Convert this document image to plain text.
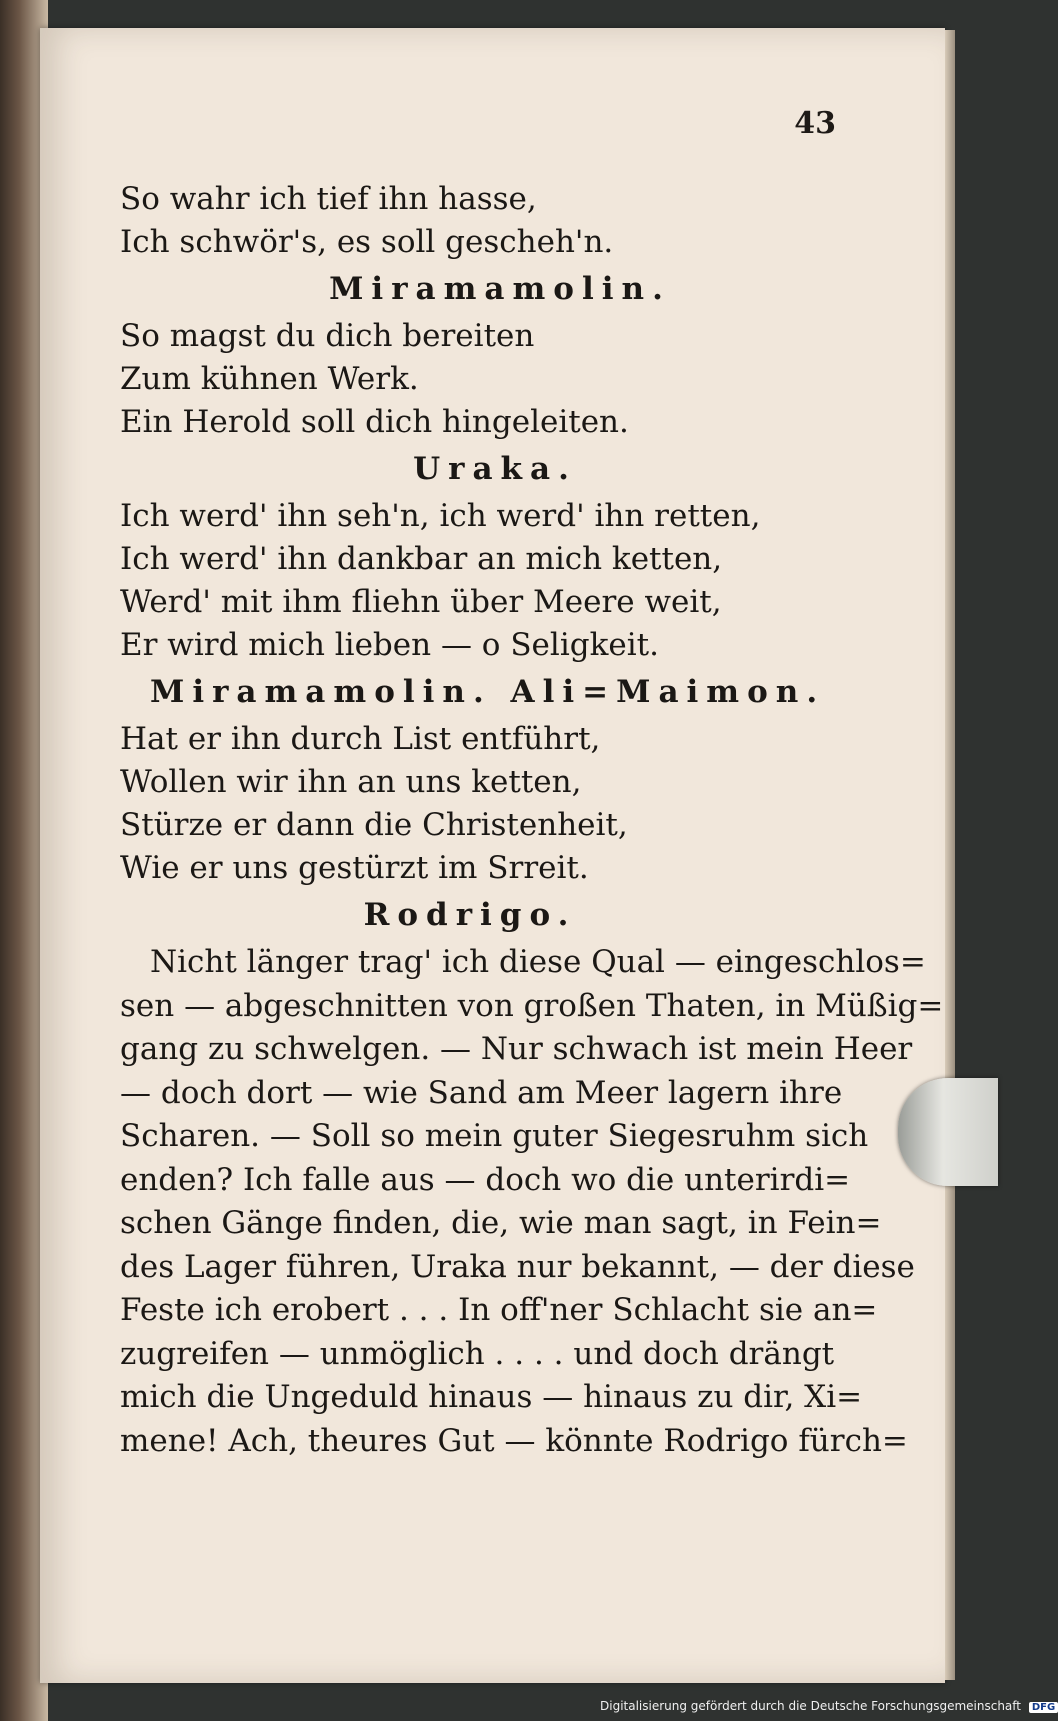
43
So wahr ich tief ihn hasse,
Ich schwör's, es soll gescheh'n.
Miramamolin.
So magst du dich bereiten
Zum kühnen Werk.
Ein Herold soll dich hingeleiten.
Uraka.
Ich werd' ihn seh'n, ich werd' ihn retten,
Ich werd' ihn dankbar an mich ketten,
Werd' mit ihm fliehn über Meere weit,
Er wird mich lieben — o Seligkeit.
Miramamolin. Ali=Maimon.
Hat er ihn durch List entführt,
Wollen wir ihn an uns ketten,
Stürze er dann die Christenheit,
Wie er uns gestürzt im Srreit.
Rodrigo.
Nicht länger trag' ich diese Qual — eingeschlos=
sen — abgeschnitten von großen Thaten, in Müßig=
gang zu schwelgen. — Nur schwach ist mein Heer
— doch dort — wie Sand am Meer lagern ihre
Scharen. — Soll so mein guter Siegesruhm sich
enden? Ich falle aus — doch wo die unterirdi=
schen Gänge finden, die, wie man sagt, in Fein=
des Lager führen, Uraka nur bekannt, — der diese
Feste ich erobert . . . In off'ner Schlacht sie an=
zugreifen — unmöglich . . . . und doch drängt
mich die Ungeduld hinaus — hinaus zu dir, Xi=
mene! Ach, theures Gut — könnte Rodrigo fürch=
Digitalisierung gefördert durch die Deutsche Forschungsgemeinschaft DFG
